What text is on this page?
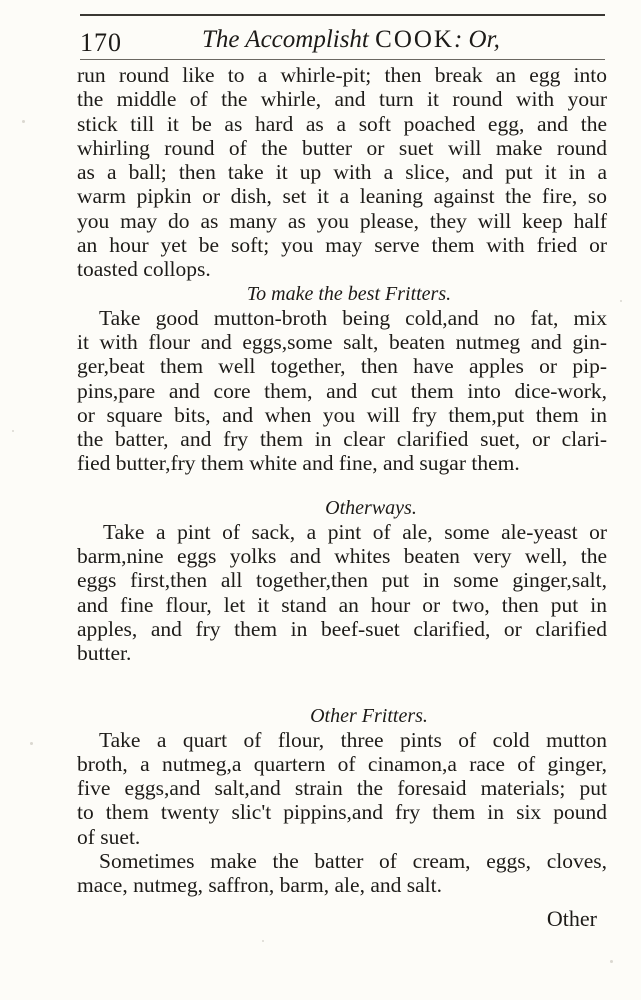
170	The Accomplisht COOK: Or,
run round like to a whirle-pit; then break an egg into
the middle of the whirle, and turn it round with your
stick till it be as hard as a soft poached egg, and the
whirling round of the butter or suet will make round
as a ball; then take it up with a slice, and put it in a
warm pipkin or dish, set it a leaning against the fire, so
you may do as many as you please, they will keep half
an hour yet be soft; you may serve them with fried or
toasted collops.
To make the best Fritters.
Take good mutton-broth being cold,and no fat, mix
it with flour and eggs,some salt, beaten nutmeg and gin-
ger,beat them well together, then have apples or pip-
pins,pare and core them, and cut them into dice-work,
or square bits, and when you will fry them,put them in
the batter, and fry them in clear clarified suet, or clari-
fied butter,fry them white and fine, and sugar them.
Otherways.
Take a pint of sack, a pint of ale, some ale-yeast or
barm,nine eggs yolks and whites beaten very well, the
eggs first,then all together,then put in some ginger,salt,
and fine flour, let it stand an hour or two, then put in
apples, and fry them in beef-suet clarified, or clarified
butter.
Other Fritters.
Take a quart of flour, three pints of cold mutton
broth, a nutmeg,a quartern of cinamon,a race of ginger,
five eggs,and salt,and strain the foresaid materials; put
to them twenty slic't pippins,and fry them in six pound
of suet.
Sometimes make the batter of cream, eggs, cloves,
mace, nutmeg, saffron, barm, ale, and salt.
Other
